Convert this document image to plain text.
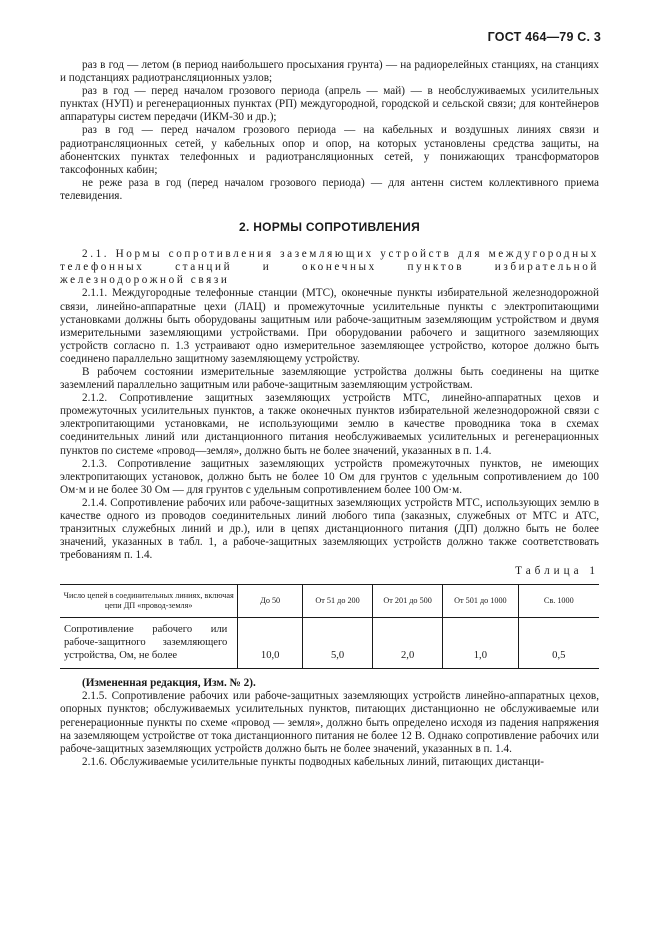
ГОСТ 464—79 С. 3

раз в год — летом (в период наибольшего просыхания грунта) — на радиорелейных станциях, на станциях и подстанциях радиотрансляционных узлов;

раз в год — перед началом грозового периода (апрель — май) — в необслуживаемых усилительных пунктах (НУП) и регенерационных пунктах (РП) междугородной, городской и сельской связи; для контейнеров аппаратуры систем передачи (ИКМ-30 и др.);

раз в год — перед началом грозового периода — на кабельных и воздушных линиях связи и радиотрансляционных сетей, у кабельных опор и опор, на которых установлены средства защиты, на абонентских пунктах телефонных и радиотрансляционных сетей, у понижающих трансформаторов таксофонных кабин;

не реже раза в год (перед началом грозового периода) — для антенн систем коллективного приема телевидения.

2. НОРМЫ СОПРОТИВЛЕНИЯ

2.1. Нормы сопротивления заземляющих устройств для междугородных телефонных станций и оконечных пунктов избирательной железнодорожной связи

2.1.1. Междугородные телефонные станции (МТС), оконечные пункты избирательной железнодорожной связи, линейно-аппаратные цехи (ЛАЦ) и промежуточные усилительные пункты с электропитающими установками должны быть оборудованы защитным или рабоче-защитным заземляющим устройством и двумя измерительными заземляющими устройствами. При оборудовании рабочего и защитного заземляющих устройств согласно п. 1.3 устраивают одно измерительное заземляющее устройство, которое должно быть соединено параллельно защитному заземляющему устройству.

В рабочем состоянии измерительные заземляющие устройства должны быть соединены на щитке заземлений параллельно защитным или рабоче-защитным заземляющим устройствам.

2.1.2. Сопротивление защитных заземляющих устройств МТС, линейно-аппаратных цехов и промежуточных усилительных пунктов, а также оконечных пунктов избирательной железнодорожной связи с электропитающими установками, не использующими землю в качестве проводника тока в схемах соединительных линий или дистанционного питания необслуживаемых усилительных и регенерационных пунктов по системе «провод—земля», должно быть не более значений, указанных в п. 1.4.

2.1.3. Сопротивление защитных заземляющих устройств промежуточных пунктов, не имеющих электропитающих установок, должно быть не более 10 Ом для грунтов с удельным сопротивлением до 100 Ом·м и не более 30 Ом — для грунтов с удельным сопротивлением более 100 Ом·м.

2.1.4. Сопротивление рабочих или рабоче-защитных заземляющих устройств МТС, использующих землю в качестве одного из проводов соединительных линий любого типа (заказных, служебных от МТС и АТС, транзитных служебных линий и др.), или в цепях дистанционного питания (ДП) должно быть не более значений, указанных в табл. 1, а рабоче-защитных заземляющих устройств должно также соответствовать требованиям п. 1.4.

Таблица 1

Число цепей в соединительных линиях, включая цепи ДП «провод-земля»	До 50	От 51 до 200	От 201 до 500	От 501 до 1000	Св. 1000
Сопротивление рабочего или рабоче-защитного заземляющего устройства, Ом, не более	10,0	5,0	2,0	1,0	0,5

(Измененная редакция, Изм. № 2).

2.1.5. Сопротивление рабочих или рабоче-защитных заземляющих устройств линейно-аппаратных цехов, опорных пунктов; обслуживаемых усилительных пунктов, питающих дистанционно не обслуживаемые или регенерационные пункты по схеме «провод — земля», должно быть определено исходя из падения напряжения на заземляющем устройстве от тока дистанционного питания не более 12 В. Однако сопротивление рабочих или рабоче-защитных заземляющих устройств должно быть не более значений, указанных в п. 1.4.

2.1.6. Обслуживаемые усилительные пункты подводных кабельных линий, питающих дистанци-
